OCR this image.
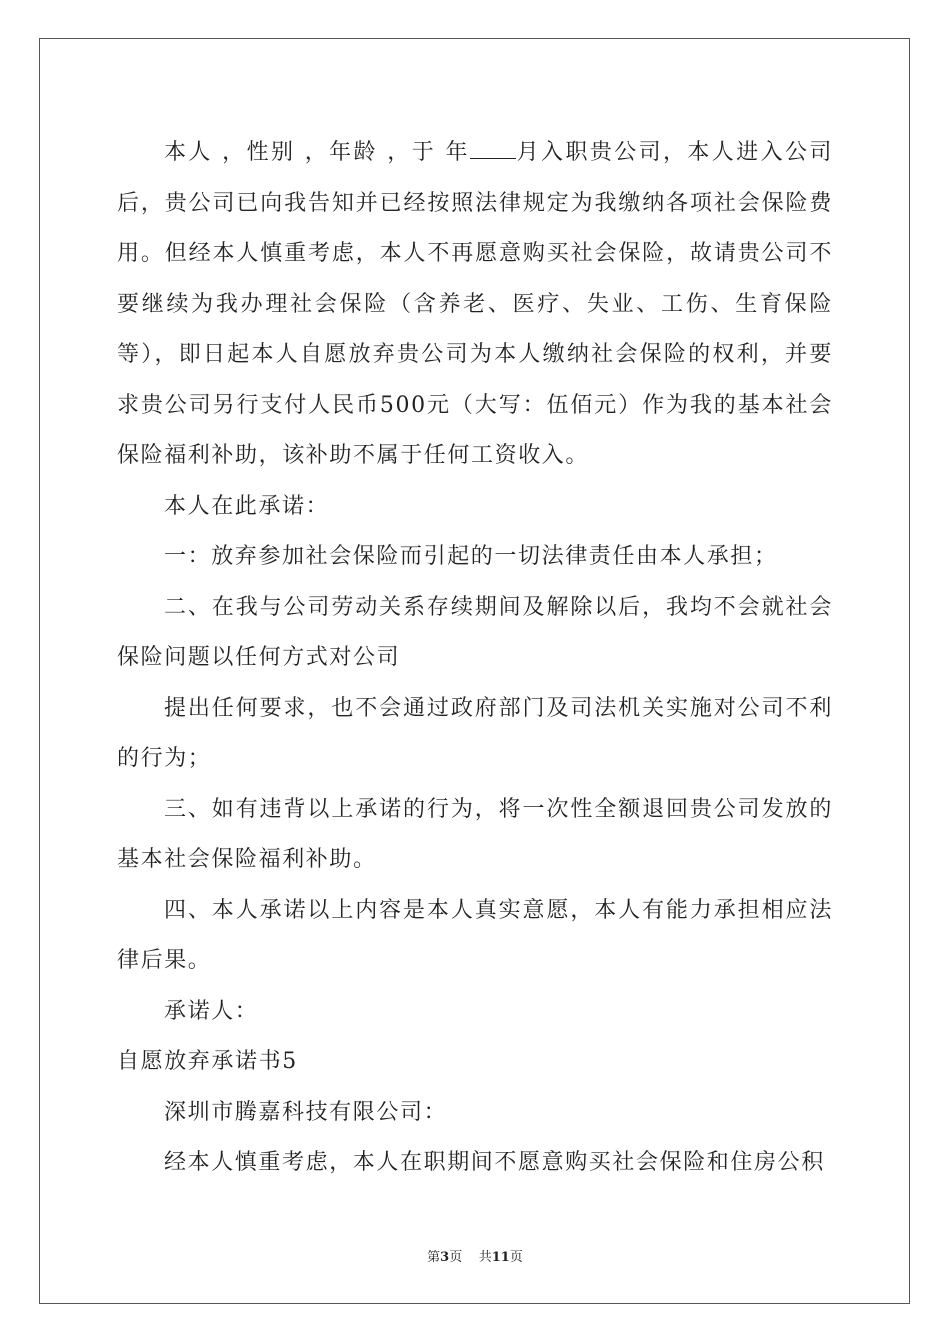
本人 ，性别 ，年龄 ，于 年 月入职贵公司，本人进入公司后，贵公司已向我告知并已经按照法律规定为我缴纳各项社会保险费用。但经本人慎重考虑，本人不再愿意购买社会保险，故请贵公司不要继续为我办理社会保险（含养老、医疗、失业、工伤、生育保险等），即日起本人自愿放弃贵公司为本人缴纳社会保险的权利，并要求贵公司另行支付人民币500元（大写：伍佰元）作为我的基本社会保险福利补助，该补助不属于任何工资收入。

本人在此承诺：

一：放弃参加社会保险而引起的一切法律责任由本人承担；

二、在我与公司劳动关系存续期间及解除以后，我均不会就社会保险问题以任何方式对公司

提出任何要求，也不会通过政府部门及司法机关实施对公司不利的行为；

三、如有违背以上承诺的行为，将一次性全额退回贵公司发放的基本社会保险福利补助。

四、本人承诺以上内容是本人真实意愿，本人有能力承担相应法律后果。

承诺人：

自愿放弃承诺书5

深圳市腾嘉科技有限公司：

经本人慎重考虑，本人在职期间不愿意购买社会保险和住房公积

第3页 共11页
